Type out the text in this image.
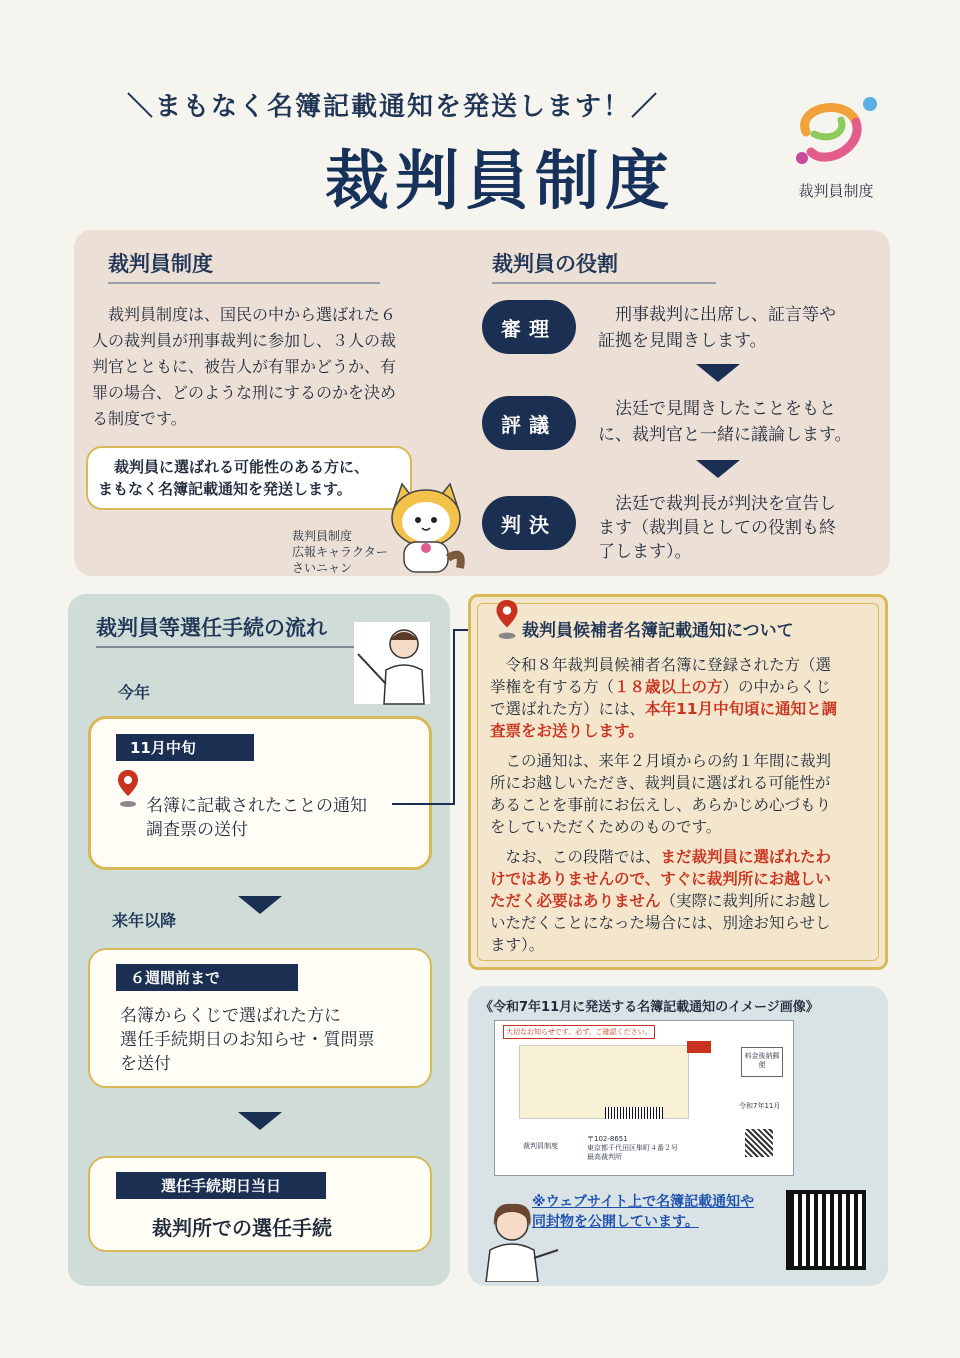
＼まもなく名簿記載通知を発送します！／
裁判員制度	裁判員制度
裁判員制度
　裁判員制度は、国民の中から選ばれた６
人の裁判員が刑事裁判に参加し、３人の裁
判官とともに、被告人が有罪かどうか、有
罪の場合、どのような刑にするのかを決め
る制度です。
裁判員に選ばれる可能性のある方に、
まもなく名簿記載通知を発送します。
裁判員制度
広報キャラクター
さいニャン
裁判員の役割
審理
　刑事裁判に出席し、証言等や
証拠を見聞きします。
評議
　法廷で見聞きしたことをもと
に、裁判官と一緒に議論します。
判決
　法廷で裁判長が判決を宣告し
ます（裁判員としての役割も終
了します）。
裁判員等選任手続の流れ
今年
11月中旬
名簿に記載されたことの通知
調査票の送付
来年以降
６週間前まで
名簿からくじで選ばれた方に
選任手続期日のお知らせ・質問票
を送付
選任手続期日当日
裁判所での選任手続
裁判員候補者名簿記載通知について
　令和８年裁判員候補者名簿に登録された方（選
挙権を有する方（１８歳以上の方）の中からくじ
で選ばれた方）には、本年11月中旬頃に通知と調
査票をお送りします。
　この通知は、来年２月頃からの約１年間に裁判
所にお越しいただき、裁判員に選ばれる可能性が
あることを事前にお伝えし、あらかじめ心づもり
をしていただくためのものです。
　なお、この段階では、まだ裁判員に選ばれたわ
けではありませんので、すぐに裁判所にお越しい
ただく必要はありません（実際に裁判所にお越し
いただくことになった場合には、別途お知らせし
ます）。
《令和7年11月に発送する名簿記載通知のイメージ画像》
大切なお知らせです。必ず、ご確認ください。
料金後納郵便
令和7年11月
裁判員制度
〒102-8651
東京都千代田区隼町４番２号
最高裁判所
※ウェブサイト上で名簿記載通知や
同封物を公開しています。
